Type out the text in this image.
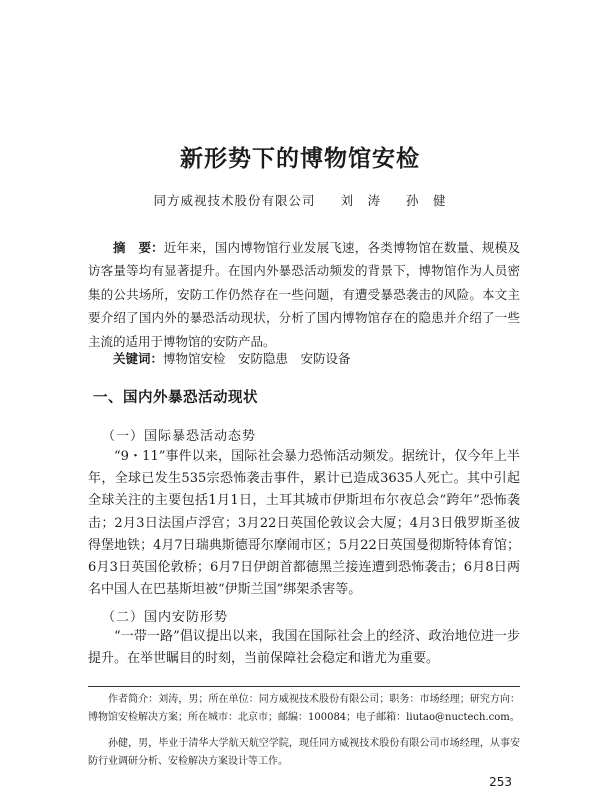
新形势下的博物馆安检
同方威视技术股份有限公司 刘　涛 孙　健
摘　要：近年来，国内博物馆行业发展飞速，各类博物馆在数量、规模及访客量等均有显著提升。在国内外暴恐活动频发的背景下，博物馆作为人员密集的公共场所，安防工作仍然存在一些问题，有遭受暴恐袭击的风险。本文主要介绍了国内外的暴恐活动现状，分析了国内博物馆存在的隐患并介绍了一些主流的适用于博物馆的安防产品。
关键词：博物馆安检　安防隐患　安防设备
一、国内外暴恐活动现状
（一）国际暴恐活动态势
“9・11”事件以来，国际社会暴力恐怖活动频发。据统计，仅今年上半年，全球已发生535宗恐怖袭击事件，累计已造成3635人死亡。其中引起全球关注的主要包括1月1日，土耳其城市伊斯坦布尔夜总会“跨年”恐怖袭击；2月3日法国卢浮宫；3月22日英国伦敦议会大厦；4月3日俄罗斯圣彼得堡地铁；4月7日瑞典斯德哥尔摩闹市区；5月22日英国曼彻斯特体育馆；6月3日英国伦敦桥；6月7日伊朗首都德黑兰接连遭到恐怖袭击；6月8日两名中国人在巴基斯坦被“伊斯兰国”绑架杀害等。
（二）国内安防形势
“一带一路”倡议提出以来，我国在国际社会上的经济、政治地位进一步提升。在举世瞩目的时刻，当前保障社会稳定和谐尤为重要。
作者简介：刘涛，男；所在单位：同方威视技术股份有限公司；职务：市场经理；研究方向：博物馆安检解决方案；所在城市：北京市；邮编：100084；电子邮箱：liutao@nuctech.com。
孙健，男，毕业于清华大学航天航空学院，现任同方威视技术股份有限公司市场经理，从事安防行业调研分析、安检解决方案设计等工作。
253
